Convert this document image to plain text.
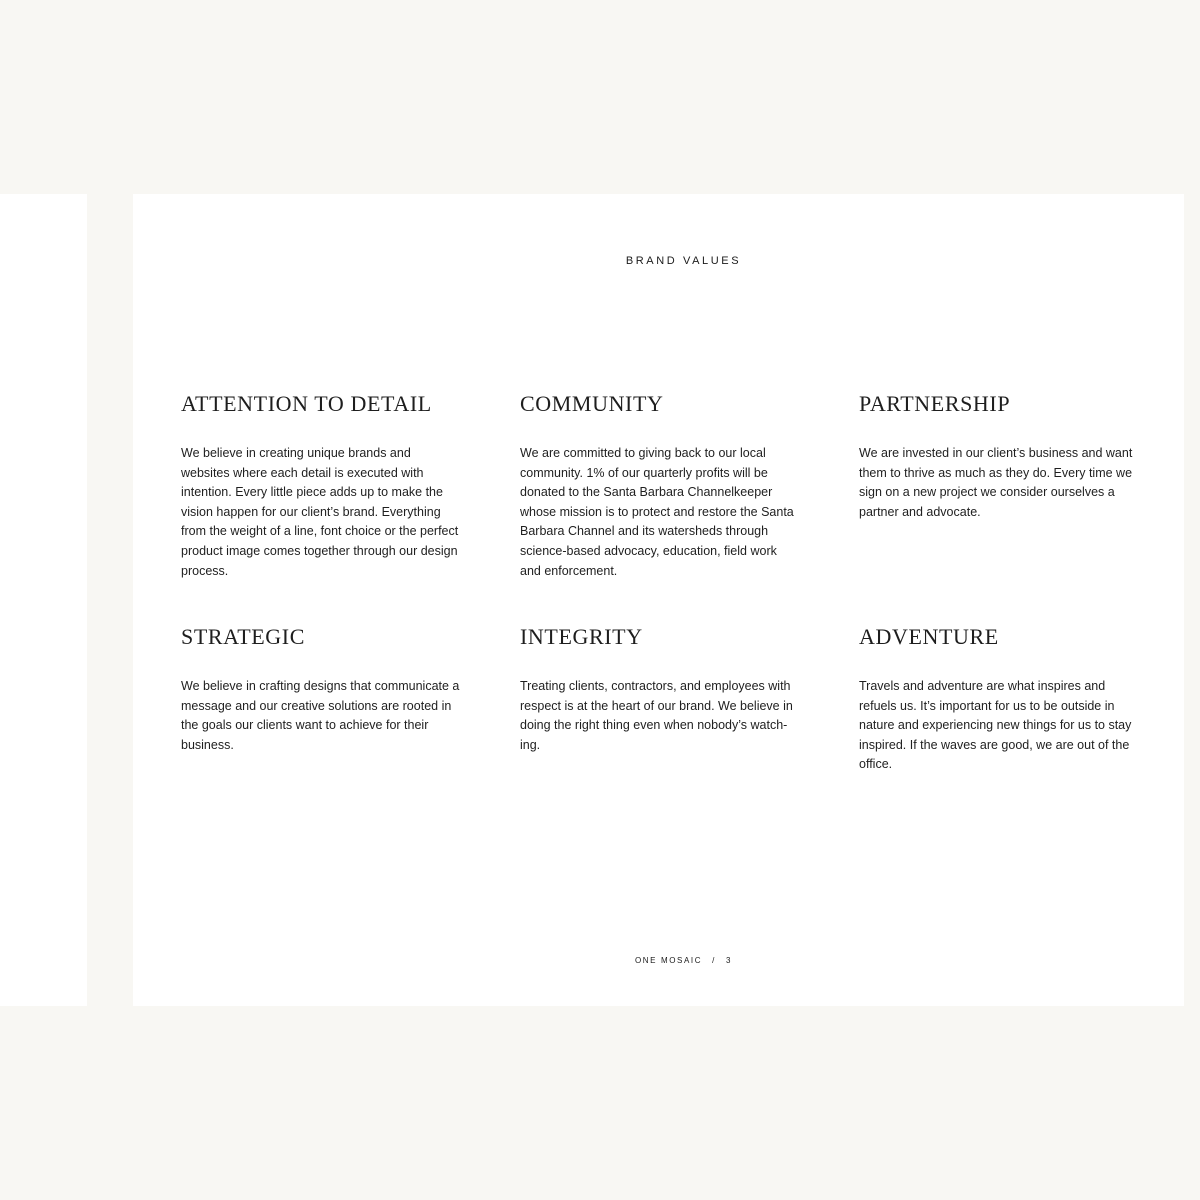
BRAND VALUES
ATTENTION TO DETAIL

We believe in creating unique brands and websites where each detail is executed with intention. Every little piece adds up to make the vision happen for our client’s brand. Everything from the weight of a line, font choice or the perfect product image comes together through our design process.

COMMUNITY

We are committed to giving back to our local community. 1% of our quarterly profits will be donated to the Santa Barbara Channelkeeper whose mission is to protect and restore the Santa Barbara Channel and its watersheds through science-based advocacy, education, field work and enforcement.

PARTNERSHIP

We are invested in our client’s business and want them to thrive as much as they do. Every time we sign on a new project we consider ourselves a partner and advocate.

STRATEGIC

We believe in crafting designs that communicate a message and our creative solutions are rooted in the goals our clients want to achieve for their business.

INTEGRITY

Treating clients, contractors, and employees with respect is at the heart of our brand. We believe in doing the right thing even when nobody’s watch-ing.

ADVENTURE

Travels and adventure are what inspires and refuels us. It’s important for us to be outside in nature and experiencing new things for us to stay inspired. If the waves are good, we are out of the office.

ONE MOSAIC / 3
